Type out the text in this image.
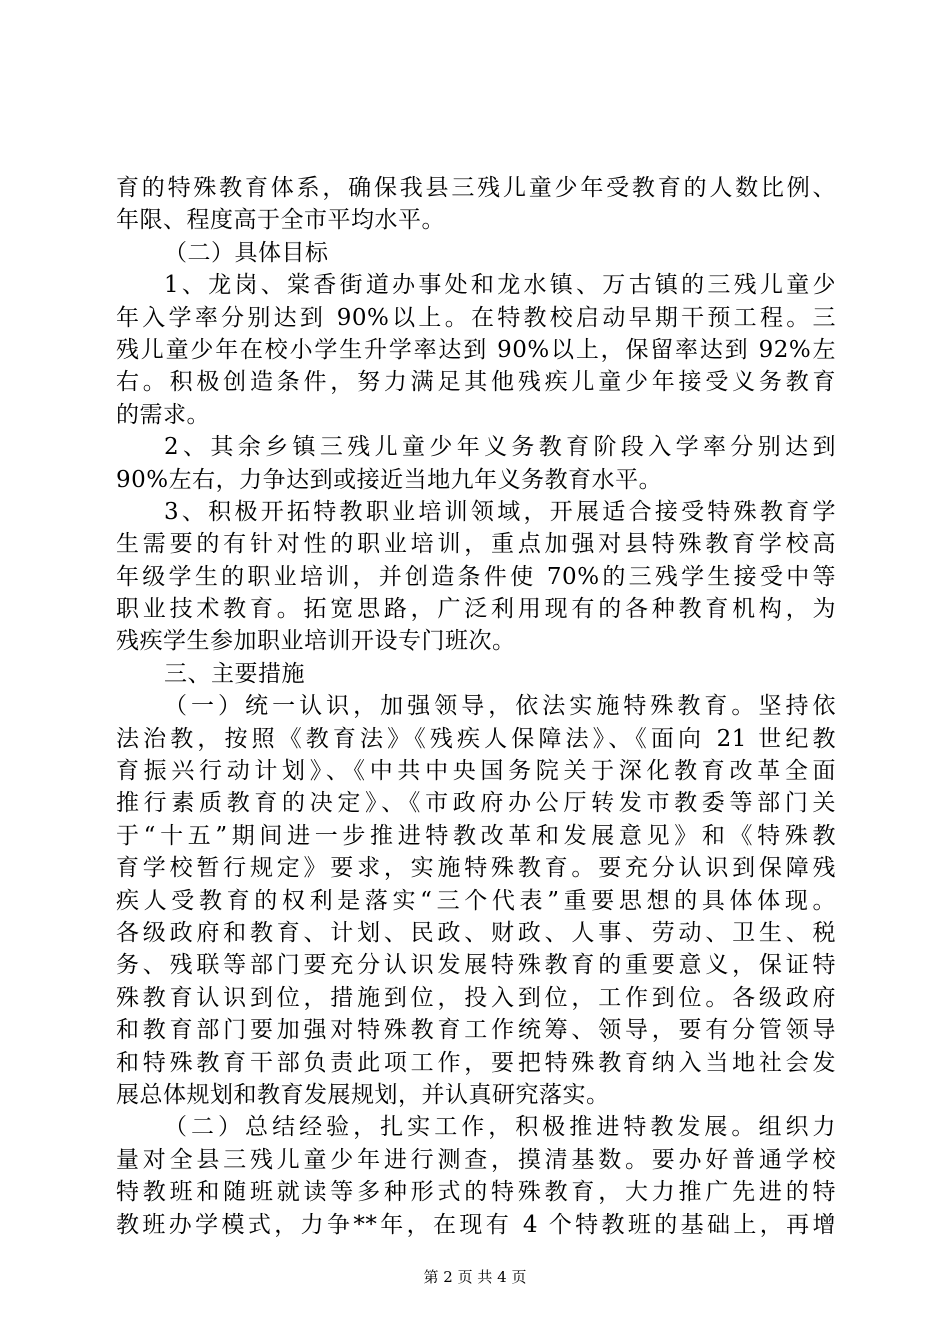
育的特殊教育体系，确保我县三残儿童少年受教育的人数比例、
年限、程度高于全市平均水平。
（二）具体目标
1、龙岗、棠香街道办事处和龙水镇、万古镇的三残儿童少
年入学率分别达到 90%以上。在特教校启动早期干预工程。三
残儿童少年在校小学生升学率达到 90%以上，保留率达到 92%左
右。积极创造条件，努力满足其他残疾儿童少年接受义务教育
的需求。
2、其余乡镇三残儿童少年义务教育阶段入学率分别达到
90%左右，力争达到或接近当地九年义务教育水平。
3、积极开拓特教职业培训领域，开展适合接受特殊教育学
生需要的有针对性的职业培训，重点加强对县特殊教育学校高
年级学生的职业培训，并创造条件使 70%的三残学生接受中等
职业技术教育。拓宽思路，广泛利用现有的各种教育机构，为
残疾学生参加职业培训开设专门班次。
三、主要措施
（一）统一认识，加强领导，依法实施特殊教育。坚持依
法治教，按照《教育法》《残疾人保障法》、《面向 21 世纪教
育振兴行动计划》、《中共中央国务院关于深化教育改革全面
推行素质教育的决定》、《市政府办公厅转发市教委等部门关
于“十五”期间进一步推进特教改革和发展意见》和《特殊教
育学校暂行规定》要求，实施特殊教育。要充分认识到保障残
疾人受教育的权利是落实“三个代表”重要思想的具体体现。
各级政府和教育、计划、民政、财政、人事、劳动、卫生、税
务、残联等部门要充分认识发展特殊教育的重要意义，保证特
殊教育认识到位，措施到位，投入到位，工作到位。各级政府
和教育部门要加强对特殊教育工作统筹、领导，要有分管领导
和特殊教育干部负责此项工作，要把特殊教育纳入当地社会发
展总体规划和教育发展规划，并认真研究落实。
（二）总结经验，扎实工作，积极推进特教发展。组织力
量对全县三残儿童少年进行测查，摸清基数。要办好普通学校
特教班和随班就读等多种形式的特殊教育，大力推广先进的特
教班办学模式，力争**年，在现有 4 个特教班的基础上，再增
第 2 页 共 4 页
